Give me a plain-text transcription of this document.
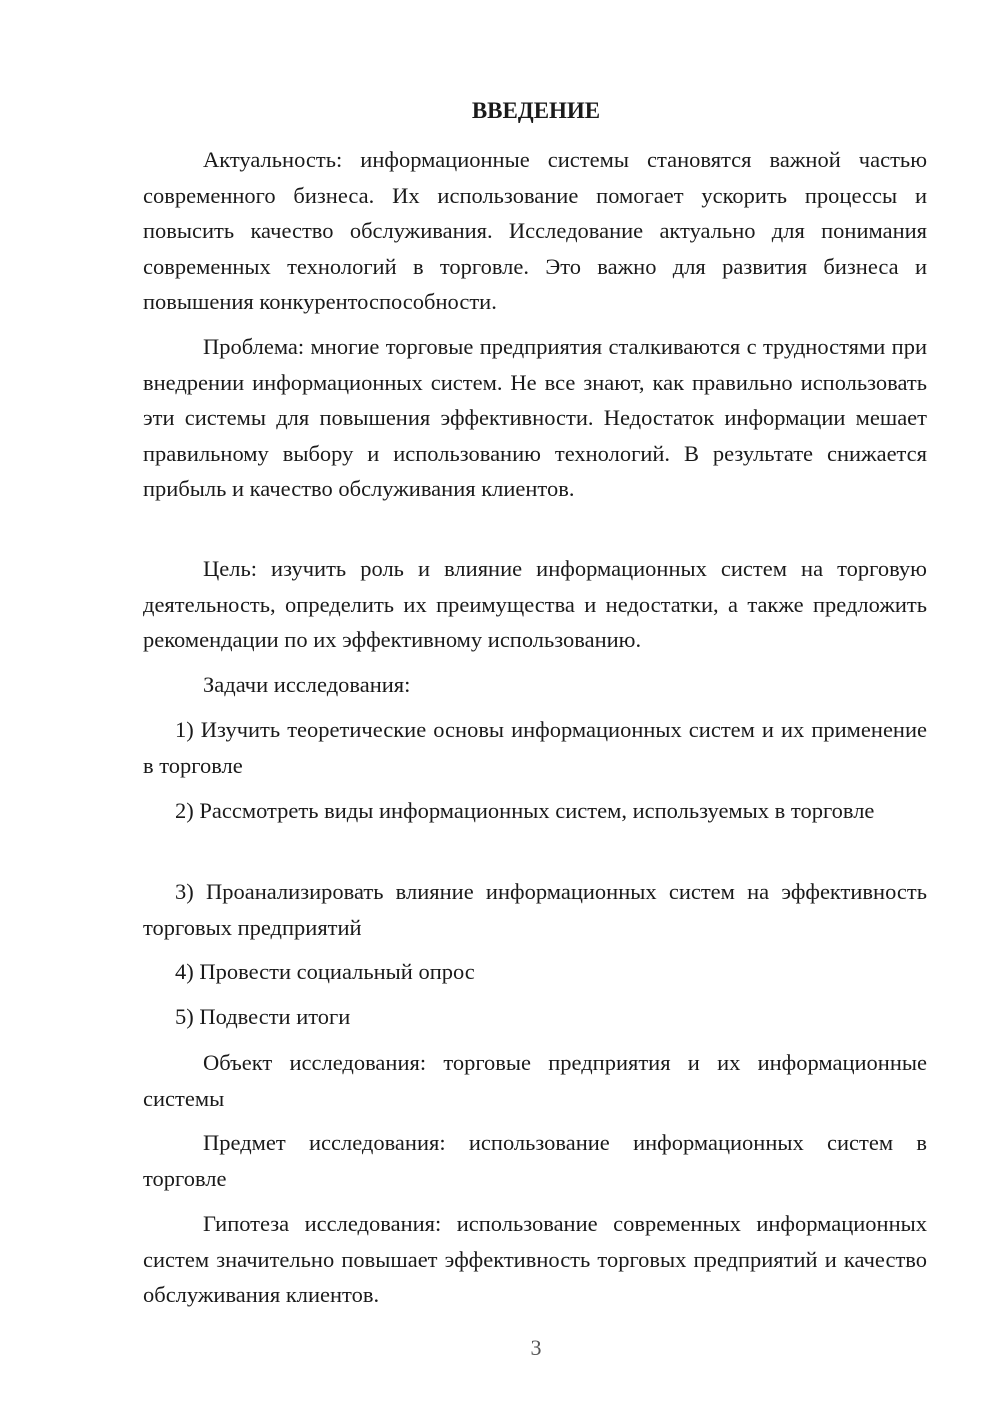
ВВЕДЕНИЕ

Актуальность: информационные системы становятся важной частью современного бизнеса. Их использование помогает ускорить процессы и повысить качество обслуживания. Исследование актуально для понимания современных технологий в торговле. Это важно для развития бизнеса и повышения конкурентоспособности.

Проблема: многие торговые предприятия сталкиваются с трудностями при внедрении информационных систем. Не все знают, как правильно использовать эти системы для повышения эффективности. Недостаток информации мешает правильному выбору и использованию технологий. В результате снижается прибыль и качество обслуживания клиентов.

Цель: изучить роль и влияние информационных систем на торговую деятельность, определить их преимущества и недостатки, а также предложить рекомендации по их эффективному использованию.

Задачи исследования:

1) Изучить теоретические основы информационных систем и их применение в торговле

2) Рассмотреть виды информационных систем, используемых в торговле

3) Проанализировать влияние информационных систем на эффективность торговых предприятий

4) Провести социальный опрос

5) Подвести итоги

Объект исследования: торговые предприятия и их информационные системы

Предмет исследования: использование информационных систем в торговле

Гипотеза исследования: использование современных информационных систем значительно повышает эффективность торговых предприятий и качество обслуживания клиентов.

3
